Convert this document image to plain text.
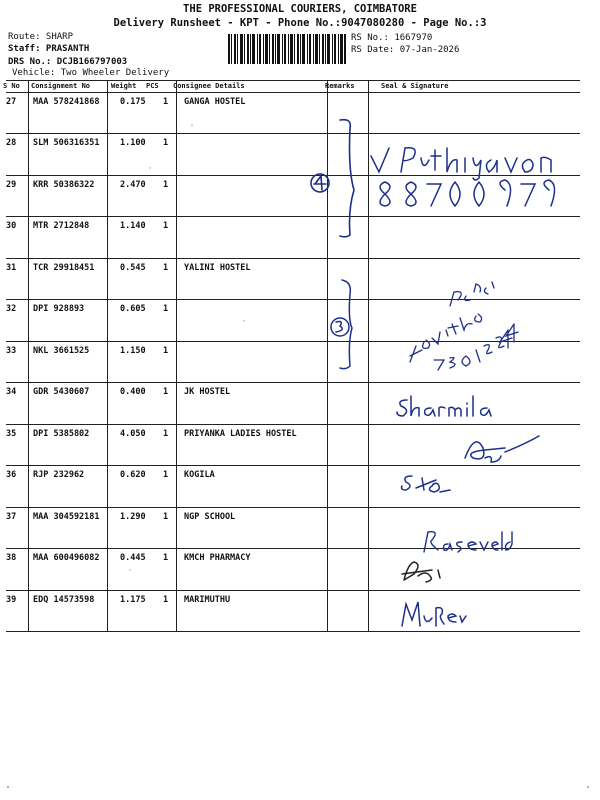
THE PROFESSIONAL COURIERS, COIMBATORE
Delivery Runsheet - KPT - Phone No.:9047080280 - Page No.:3
Route: SHARP
Staff: PRASANTH
DRS No.: DCJB166797003
Vehicle: Two Wheeler Delivery
RS No.: 1667970
RS Date: 07-Jan-2026
S No Consignment No	Weight PCS Consignee Details	Remarks	Seal & Signature
27 MAA 578241868 0.175 1 GANGA HOSTEL
28 SLM 506316351 1.100 1
29 KRR 50386322	2.470 1
30 MTR 2712848	1.140 1
31 TCR 29918451	0.545 1 YALINI HOSTEL
32 DPI 928893	0.605 1
33 NKL 3661525	1.150 1
34 GDR 5430607	0.400 1 JK HOSTEL
35 DPI 5385802	4.050 1 PRIYANKA LADIES HOSTEL
36 RJP 232962	0.620 1 KOGILA
37 MAA 304592181 1.290 1 NGP SCHOOL
38 MAA 600496082 0.445 1 KMCH PHARMACY
39 EDQ 14573598	1.175 1 MARIMUTHU
